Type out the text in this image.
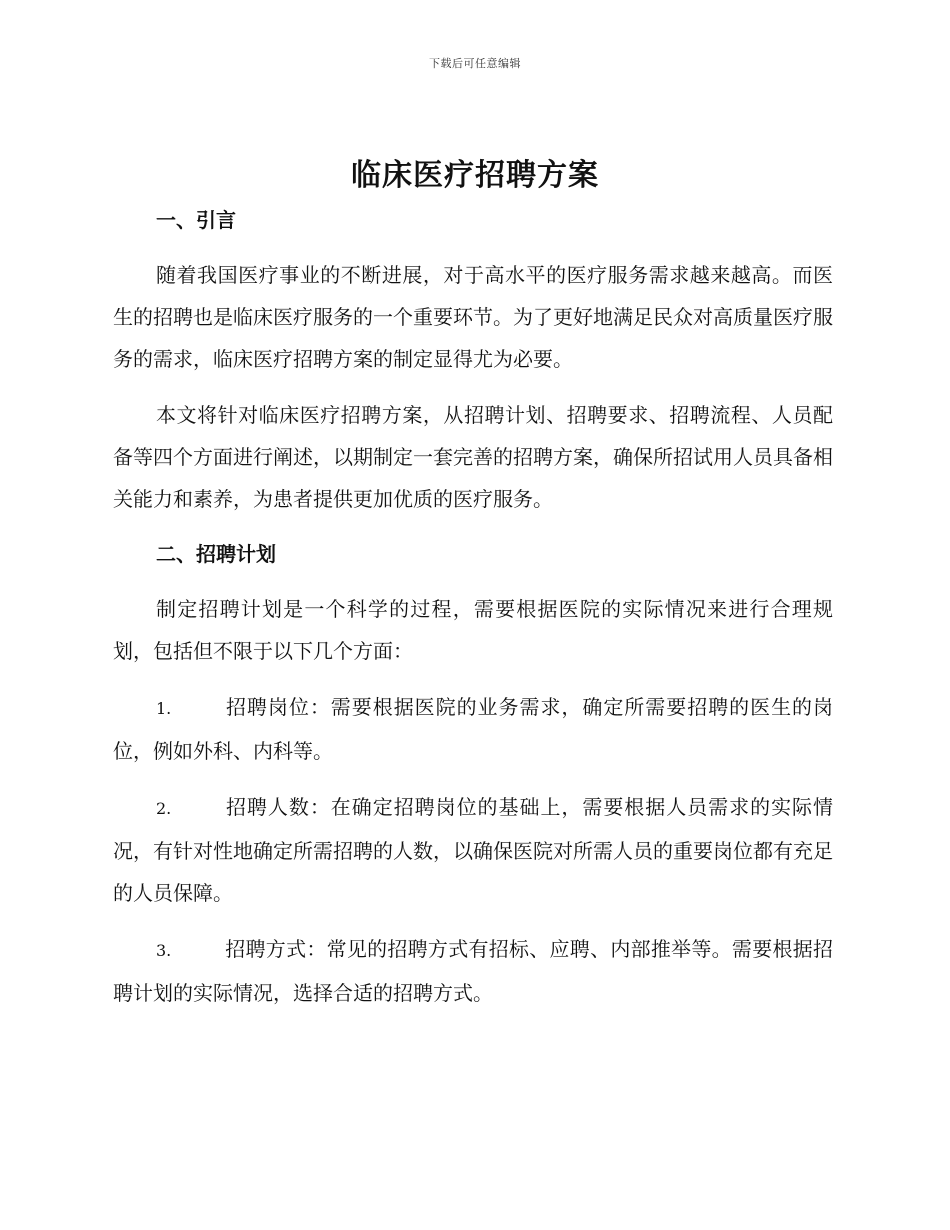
下载后可任意编辑
临床医疗招聘方案

一、引言

随着我国医疗事业的不断进展，对于高水平的医疗服务需求越来越高。而医生的招聘也是临床医疗服务的一个重要环节。为了更好地满足民众对高质量医疗服务的需求，临床医疗招聘方案的制定显得尤为必要。

本文将针对临床医疗招聘方案，从招聘计划、招聘要求、招聘流程、人员配备等四个方面进行阐述，以期制定一套完善的招聘方案，确保所招试用人员具备相关能力和素养，为患者提供更加优质的医疗服务。

二、招聘计划

制定招聘计划是一个科学的过程，需要根据医院的实际情况来进行合理规划，包括但不限于以下几个方面：

1.	招聘岗位：需要根据医院的业务需求，确定所需要招聘的医生的岗位，例如外科、内科等。

2.	招聘人数：在确定招聘岗位的基础上，需要根据人员需求的实际情况，有针对性地确定所需招聘的人数，以确保医院对所需人员的重要岗位都有充足的人员保障。

3.	招聘方式：常见的招聘方式有招标、应聘、内部推举等。需要根据招聘计划的实际情况，选择合适的招聘方式。
